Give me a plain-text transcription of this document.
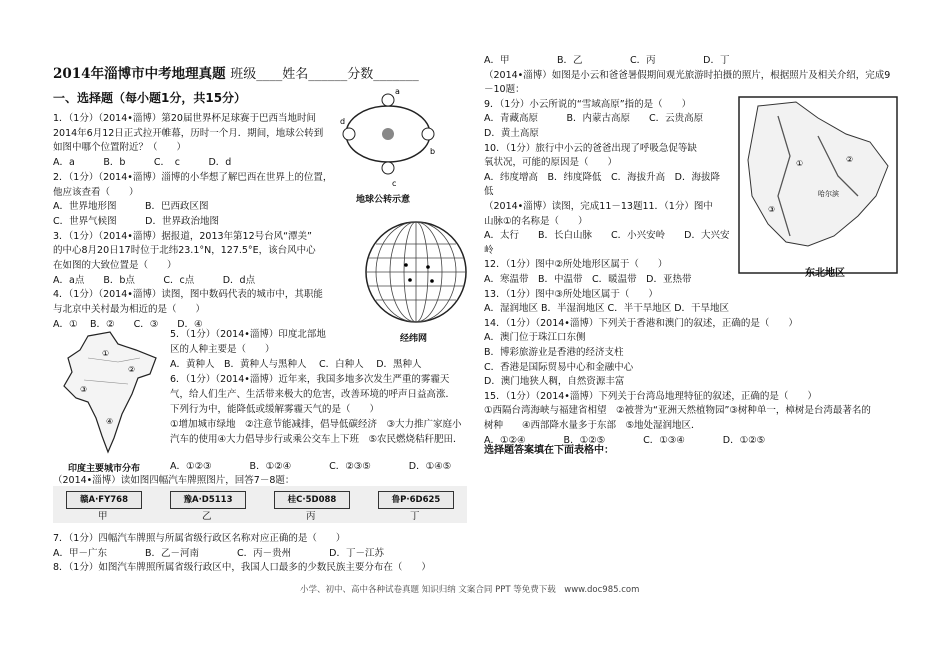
2014年淄博市中考地理真题 班级____姓名______分数_______
一、选择题（每小题1分，共15分）
1．（1分）（2014•淄博）第20届世界杯足球赛于巴西当地时间
2014年6月12日正式拉开帷幕，历时一个月．期间，地球公转到
如图中哪个位置附近？（　　）
A．a　　　B．b　　　C．　c　　　D．d
2．（1分）（2014•淄博）淄博的小华想了解巴西在世界上的位置，
他应该查看（　　）
A．世界地形图　　　B．巴西政区图
C．世界气候图　　　D．世界政治地图
3．（1分）（2014•淄博）据报道，2013年第12号台风“潭美”
的中心8月20日17时位于北纬23.1°N，127.5°E，该台风中心
在如图的大致位置是（　　）
A．a点　　B．b点　　　C．c点　　　D．d点
4．（1分）（2014•淄博）读图，图中数码代表的城市中，其职能
与北京中关村最为相近的是（　　）
A．①　 B．②　　C．③　　D．④
5．（1分）（2014•淄博）印度北部地
区的人种主要是（　　）
A．黄种人　B．黄种人与黑种人　 C．白种人　 D．黑种人
6．（1分）（2014•淄博）近年来，我国多地多次发生严重的雾霾天
气，给人们生产、生活带来极大的危害，改善环境的呼声日益高涨．
下列行为中，能降低或缓解雾霾天气的是（　　）
①增加城市绿地　②注意节能减排，倡导低碳经济　③大力推广家庭小
汽车的使用④大力倡导步行或乘公交车上下班　⑤农民燃烧秸秆肥田．
A．①②③　　　　B．①②④　　　　C．②③⑤　　　　D．①④⑤
（2014•淄博）读如图四幅汽车牌照图片，回答7－8题：
赣A·FY768	豫A·D5113	桂C·5D088	鲁P·6D625
甲	乙	丙	丁
7．（1分）四幅汽车牌照与所属省级行政区名称对应正确的是（　　）
A．甲－广东　　　　B．乙－河南　　　　C．丙－贵州　　　　D．丁－江苏
8．（1分）如图汽车牌照所属省级行政区中，我国人口最多的少数民族主要分布在（　　）
A．甲　　　　　B．乙　　　　　C．丙　　　　　D．丁
（2014•淄博）如图是小云和爸爸暑假期间观光旅游时拍摄的照片，根据照片及相关介绍，完成9
－10题：
9．（1分）小云所说的“雪域高原”指的是（　　）
A．青藏高原　　　B．内蒙古高原　　C．云贵高原
D．黄土高原
10．（1分）旅行中小云的爸爸出现了呼吸急促等缺
氧状况，可能的原因是（　　）
A．纬度增高　B．纬度降低　C．海拔升高　D．海拔降
低
（2014•淄博）读图，完成11－13题11．（1分）图中
山脉①的名称是（　　）
A．太行　　B．长白山脉　　C．小兴安岭　　D．大兴安
岭
12．（1分）图中②所处地形区属于（　　）
A．寒温带　B．中温带　C．暖温带　D．亚热带
13．（1分）图中③所处地区属于（　　）
A．湿润地区 B．半湿润地区 C．半干旱地区 D．干旱地区
14．（1分）（2014•淄博）下列关于香港和澳门的叙述，正确的是（　　）
A．澳门位于珠江口东侧
B．博彩旅游业是香港的经济支柱
C．香港是国际贸易中心和金融中心
D．澳门地狭人稠，自然资源丰富
15．（1分）（2014•淄博）下列关于台湾岛地理特征的叙述，正确的是（　　）
①西隔台湾海峡与福建省相望　②被誉为“亚洲天然植物园”③树种单一，樟树是台湾最著名的
树种　　④西部降水量多于东部　⑤地处湿润地区．
A．①②④　　　　B．①②⑤　　　　C．①③④　　　　D．①②⑤
选择题答案填在下面表格中：
a
b
c
d
地球公转示意
经纬网
①
②
③
④
印度主要城市分布
①	②
③
哈尔滨
东北地区
小学、初中、高中各种试卷真题 知识归纳 文案合同 PPT 等免费下载　www.doc985.com
